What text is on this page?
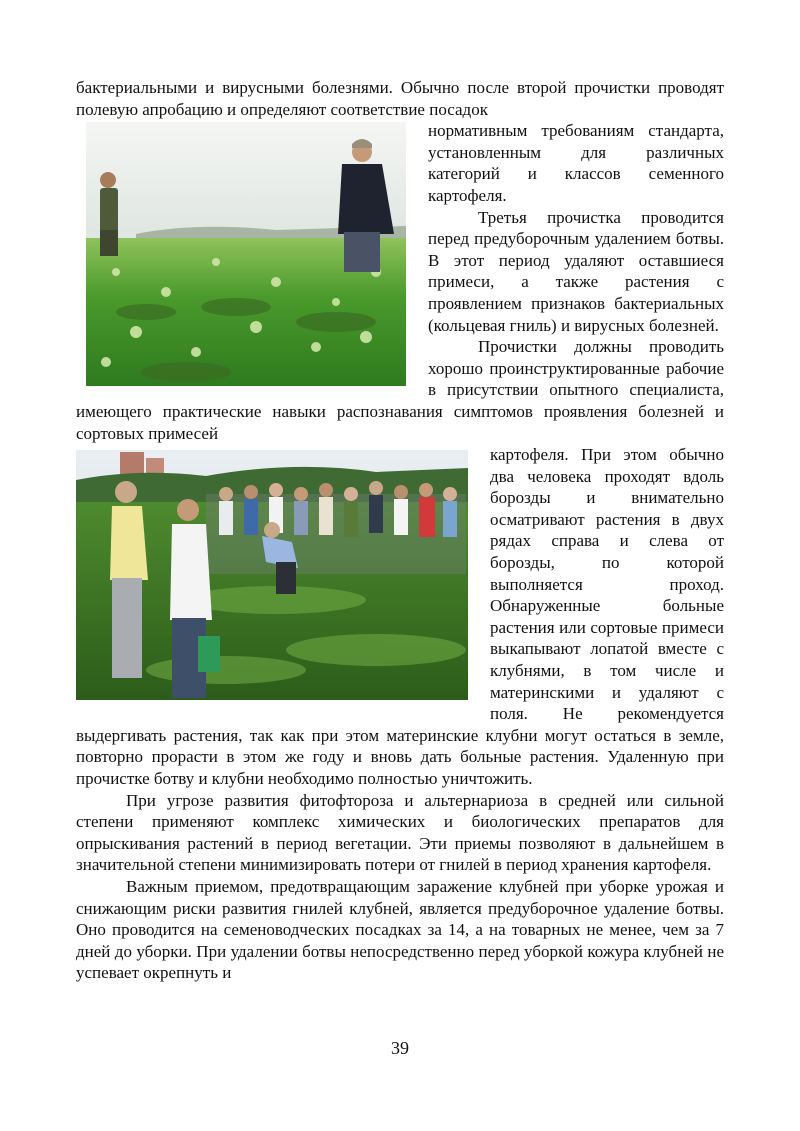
бактериальными и вирусными болезнями. Обычно после второй прочистки проводят полевую апробацию и определяют соответствие посадок

нормативным требованиям стандарта, установленным для различных категорий и классов семенного картофеля.

Третья прочистка проводится перед предуборочным удалением ботвы. В этот период удаляют оставшиеся примеси, а также растения с проявлением признаков бактериальных (кольцевая гниль) и вирусных болезней.

Прочистки должны проводить хорошо проинструктированные рабочие в присутствии опытного специалиста, имеющего практические навыки распознавания симптомов проявления болезней и сортовых примесей

картофеля. При этом обычно два человека проходят вдоль борозды и внимательно осматривают растения в двух рядах справа и слева от борозды, по которой выполняется проход. Обнаруженные больные растения или сортовые примеси выкапывают лопатой вместе с клубнями, в том числе и материнскими и удаляют с поля. Не рекомендуется выдергивать растения, так как при этом материнские клубни могут остаться в земле, повторно прорасти в этом же году и вновь дать больные растения. Удаленную при прочистке ботву и клубни необходимо полностью уничтожить.

При угрозе развития фитофтороза и альтернариоза в средней или сильной степени применяют комплекс химических и биологических препаратов для опрыскивания растений в период вегетации. Эти приемы позволяют в дальнейшем в значительной степени минимизировать потери от гнилей в период хранения картофеля.

Важным приемом, предотвращающим заражение клубней при уборке урожая и снижающим риски развития гнилей клубней, является предуборочное удаление ботвы. Оно проводится на семеноводческих посадках за 14, а на товарных не менее, чем за 7 дней до уборки. При удалении ботвы непосредственно перед уборкой кожура клубней не успевает окрепнуть и

39
